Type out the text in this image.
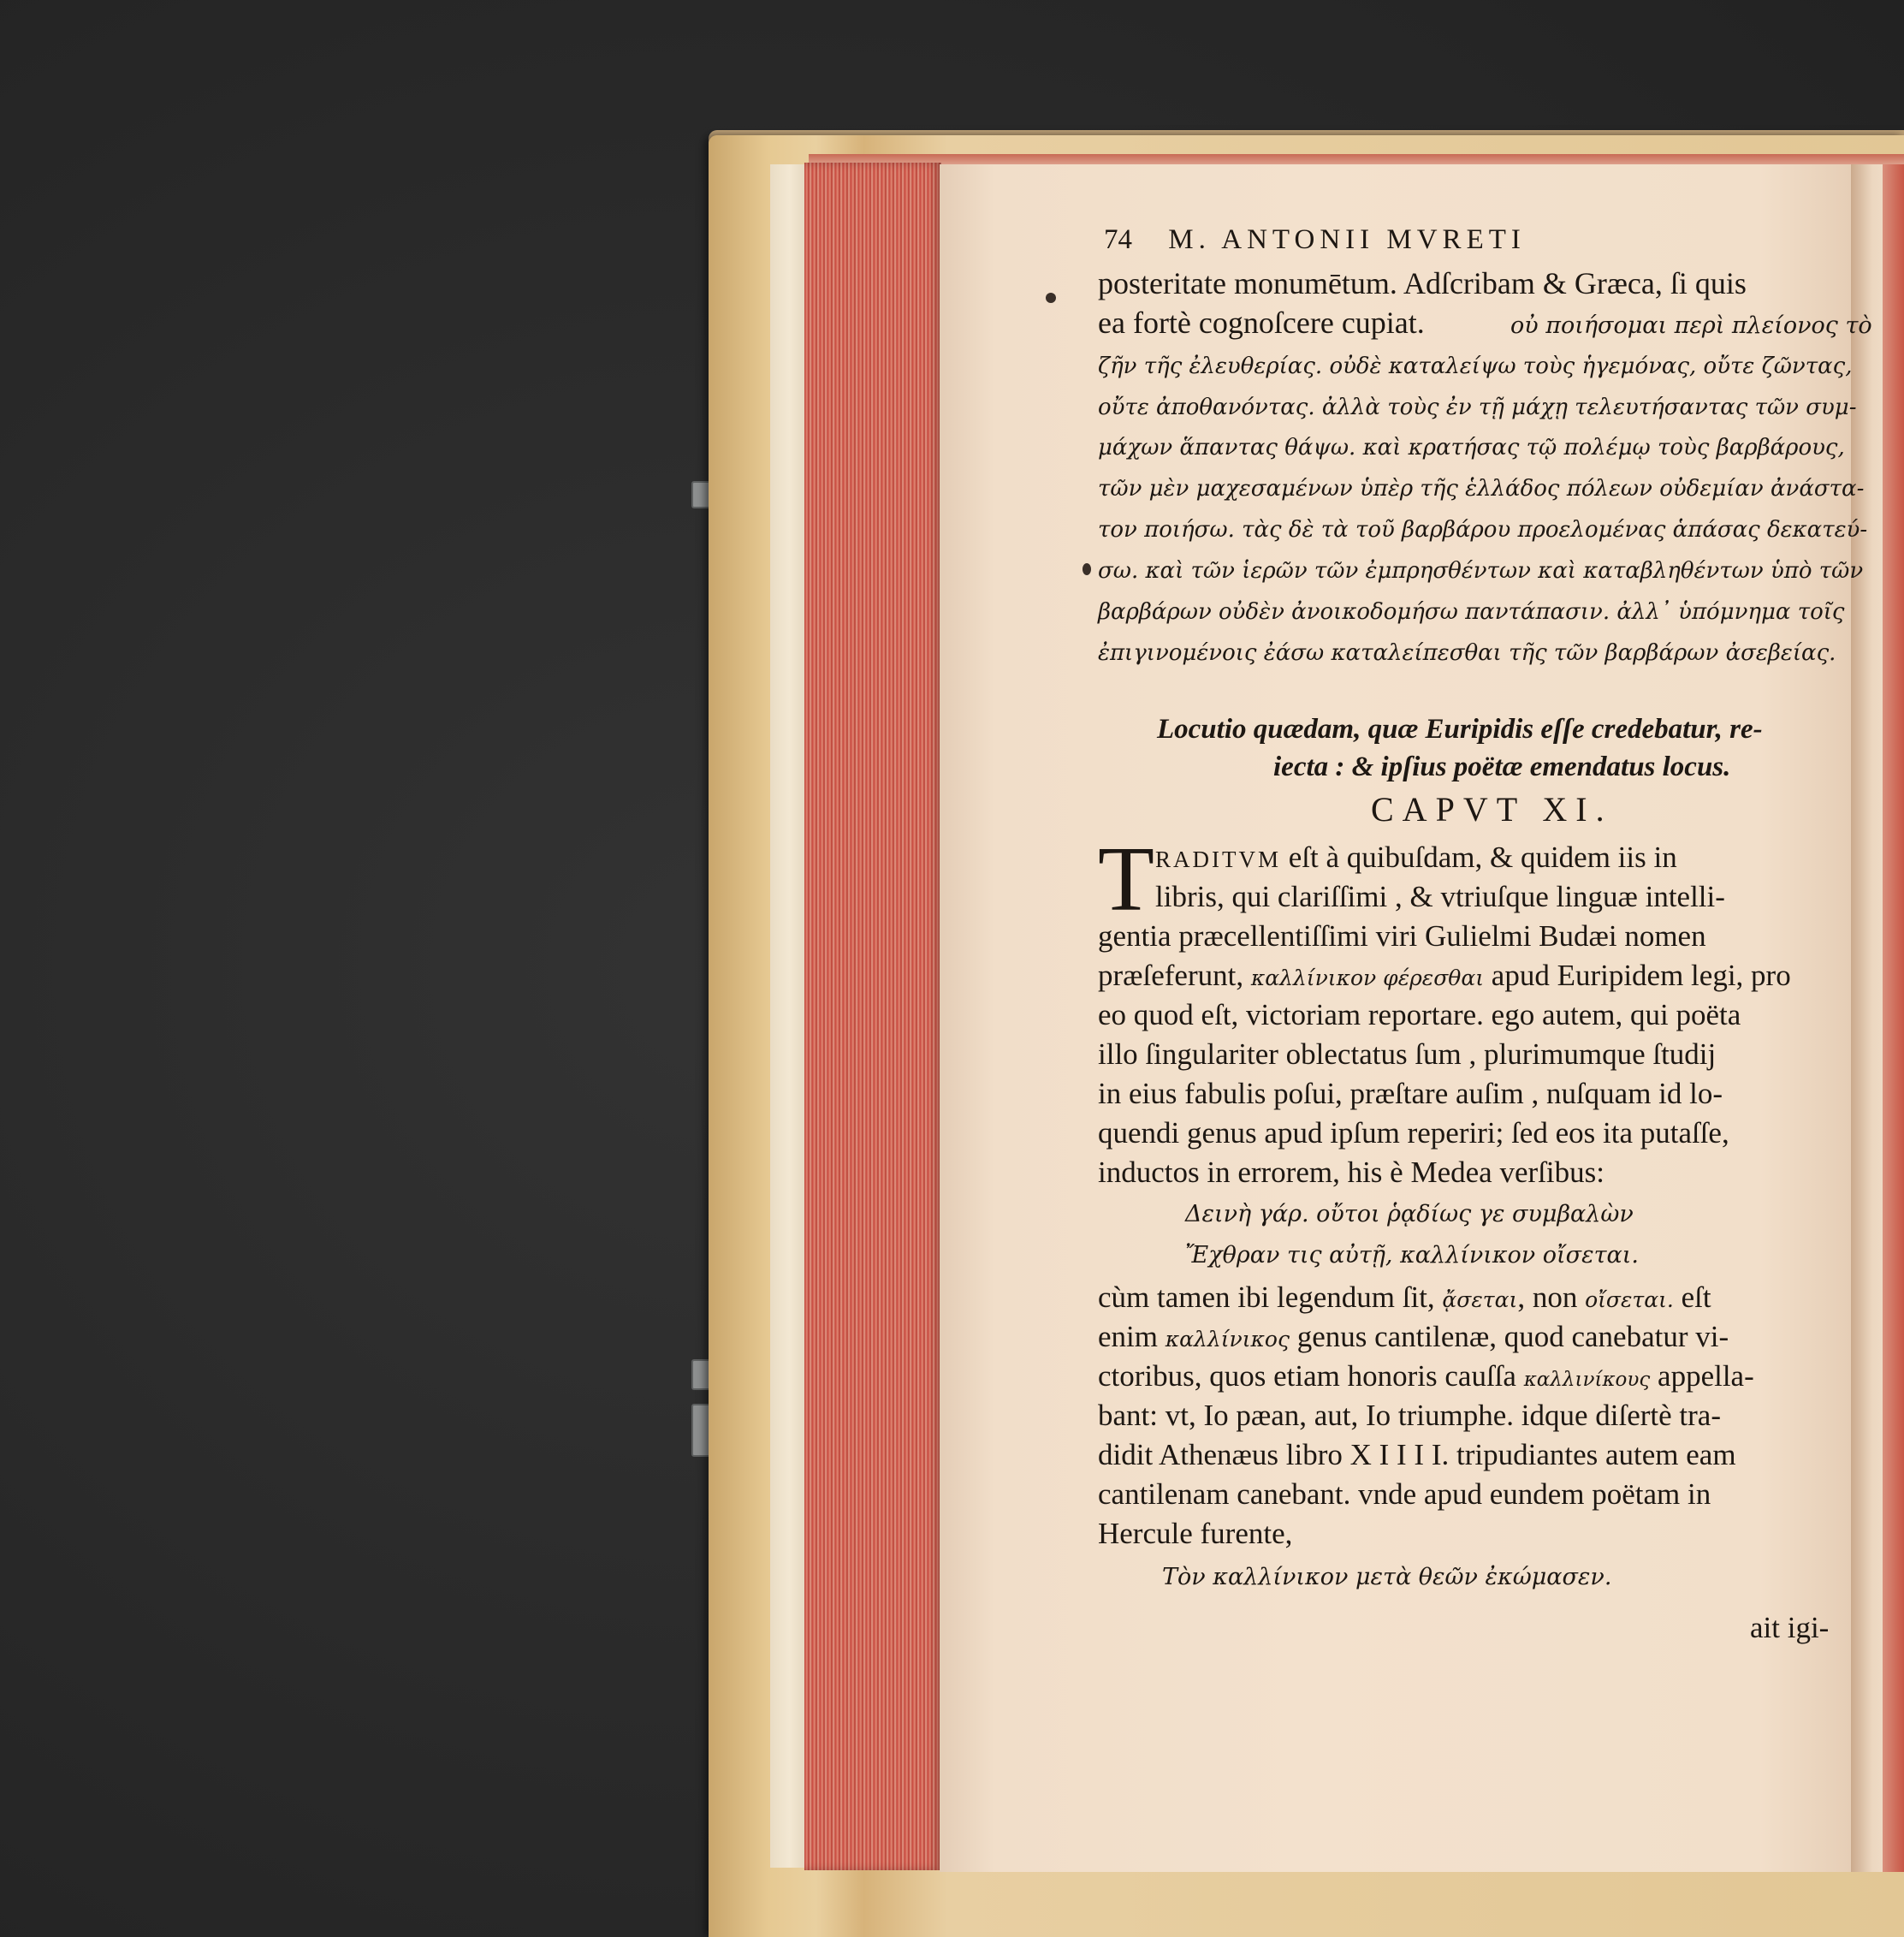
74 M. ANTONII MVRETI
posteritate monumētum. Adſcribam & Græca, ſi quis
ea fortè cognoſcere cupiat.	οὐ ποιήσομαι περὶ πλείονος τὸ
ζῆν τῆς ἐλευθερίας. οὐδὲ καταλείψω τοὺς ἡγεμόνας, οὔτε ζῶντας,
οὔτε ἀποθανόντας. ἀλλὰ τοὺς ἐν τῇ μάχῃ τελευτήσαντας τῶν συμ-
μάχων ἅπαντας θάψω. καὶ κρατήσας τῷ πολέμῳ τοὺς βαρβάρους,
τῶν μὲν μαχεσαμένων ὑπὲρ τῆς ἑλλάδος πόλεων οὐδεμίαν ἀνάστα-
τον ποιήσω. τὰς δὲ τὰ τοῦ βαρβάρου προελομένας ἁπάσας δεκατεύ-
σω. καὶ τῶν ἱερῶν τῶν ἐμπρησθέντων καὶ καταβληθέντων ὑπὸ τῶν
βαρβάρων οὐδὲν ἀνοικοδομήσω παντάπασιν. ἀλλ᾽ ὑπόμνημα τοῖς
ἐπιγινομένοις ἐάσω καταλείπεσθαι τῆς τῶν βαρβάρων ἀσεβείας.
Locutio quædam, quæ Euripidis eſſe credebatur, re-
iecta : & ipſius poëtæ emendatus locus.
CAPVT XI.
T RADITVM eſt à quibuſdam, & quidem iis in
libris, qui clariſſimi , & vtriuſque linguæ intelli-
gentia præcellentiſſimi viri Gulielmi Budæi nomen
præſeferunt, καλλίνικον φέρεσθαι apud Euripidem legi, pro
eo quod eſt, victoriam reportare. ego autem, qui poëta
illo ſingulariter oblectatus ſum , plurimumque ſtudij
in eius fabulis poſui, præſtare auſim , nuſquam id lo-
quendi genus apud ipſum reperiri; ſed eos ita putaſſe,
inductos in errorem, his è Medea verſibus:
Δεινὴ γάρ. οὔτοι ῥᾳδίως γε συμβαλὼν
Ἔχθραν τις αὐτῇ, καλλίνικον οἴσεται.
cùm tamen ibi legendum ſit, ᾄσεται, non οἴσεται. eſt
enim καλλίνικος genus cantilenæ, quod canebatur vi-
ctoribus, quos etiam honoris cauſſa καλλινίκους appella-
bant: vt, Io pæan, aut, Io triumphe. idque diſertè tra-
didit Athenæus libro X I I I I. tripudiantes autem eam
cantilenam canebant. vnde apud eundem poëtam in
Hercule furente,
Τὸν καλλίνικον μετὰ θεῶν ἐκώμασεν.
ait igi-
